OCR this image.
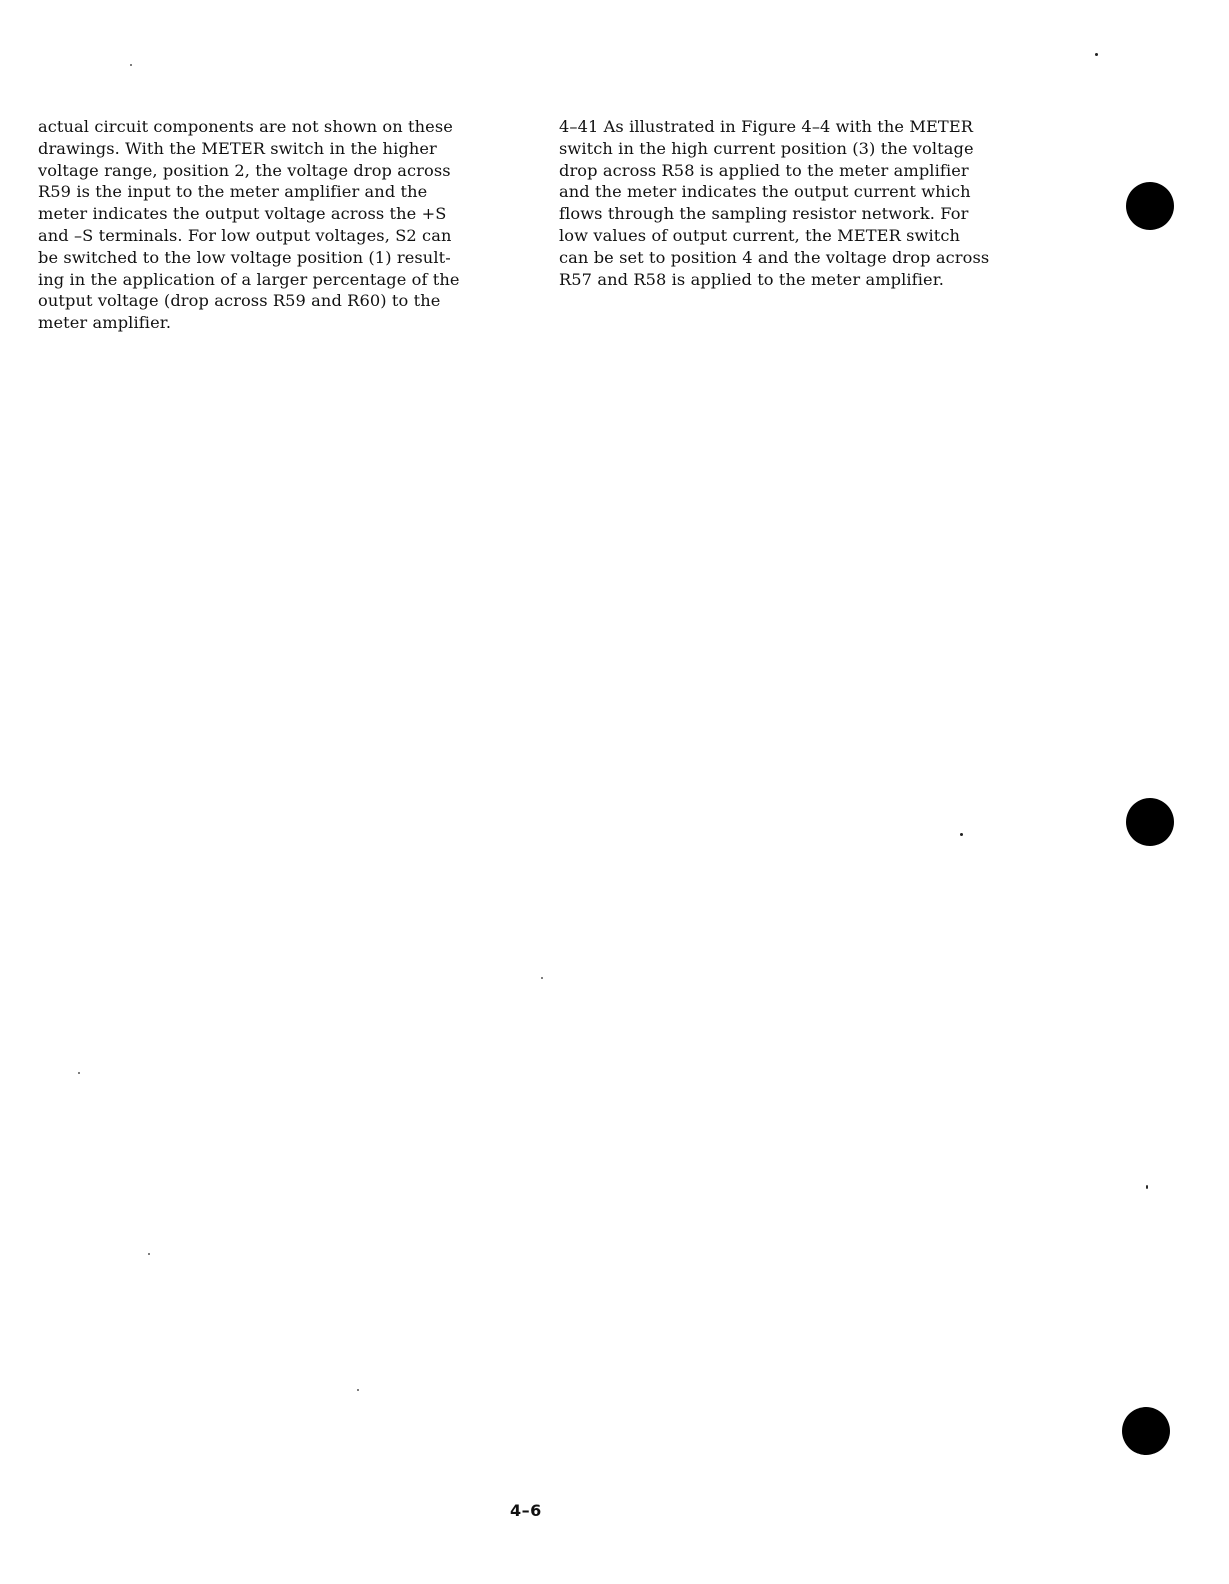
actual circuit components are not shown on these
drawings. With the METER switch in the higher
voltage range, position 2, the voltage drop across
R59 is the input to the meter amplifier and the
meter indicates the output voltage across the +S
and –S terminals. For low output voltages, S2 can
be switched to the low voltage position (1) result-
ing in the application of a larger percentage of the
output voltage (drop across R59 and R60) to the
meter amplifier.
4–41 As illustrated in Figure 4–4 with the METER
switch in the high current position (3) the voltage
drop across R58 is applied to the meter amplifier
and the meter indicates the output current which
flows through the sampling resistor network. For
low values of output current, the METER switch
can be set to position 4 and the voltage drop across
R57 and R58 is applied to the meter amplifier.
4–6
